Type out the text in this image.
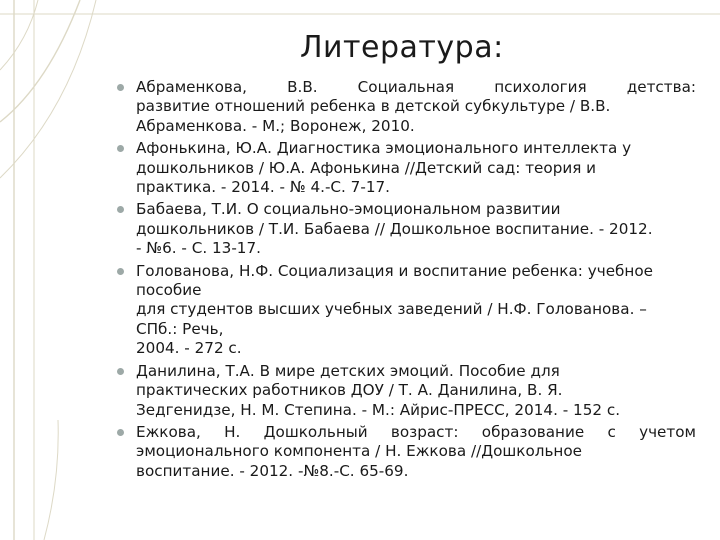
Литература:
Абраменкова, В.В. Социальная психология детства:
развитие отношений ребенка в детской субкультуре / В.В.
Абраменкова. - М.; Воронеж, 2010.
Афонькина, Ю.А. Диагностика эмоционального интеллекта у
дошкольников / Ю.А. Афонькина //Детский сад: теория и
практика. - 2014. - № 4.-С. 7-17.
Бабаева, Т.И. О социально-эмоциональном развитии
дошкольников / Т.И. Бабаева // Дошкольное воспитание. - 2012.
- №6. - С. 13-17.
Голованова, Н.Ф. Социализация и воспитание ребенка: учебное
пособие
для студентов высших учебных заведений / Н.Ф. Голованова. –
СПб.: Речь,
2004. - 272 с.
Данилина, Т.А. В мире детских эмоций. Пособие для
практических работников ДОУ / Т. А. Данилина, В. Я.
Зедгенидзе, Н. М. Степина. - М.: Айрис-ПРЕСС, 2014. - 152 с.
Ежкова, Н. Дошкольный возраст: образование с учетом
эмоционального компонента / Н. Ежкова //Дошкольное
воспитание. - 2012. -№8.-С. 65-69.
